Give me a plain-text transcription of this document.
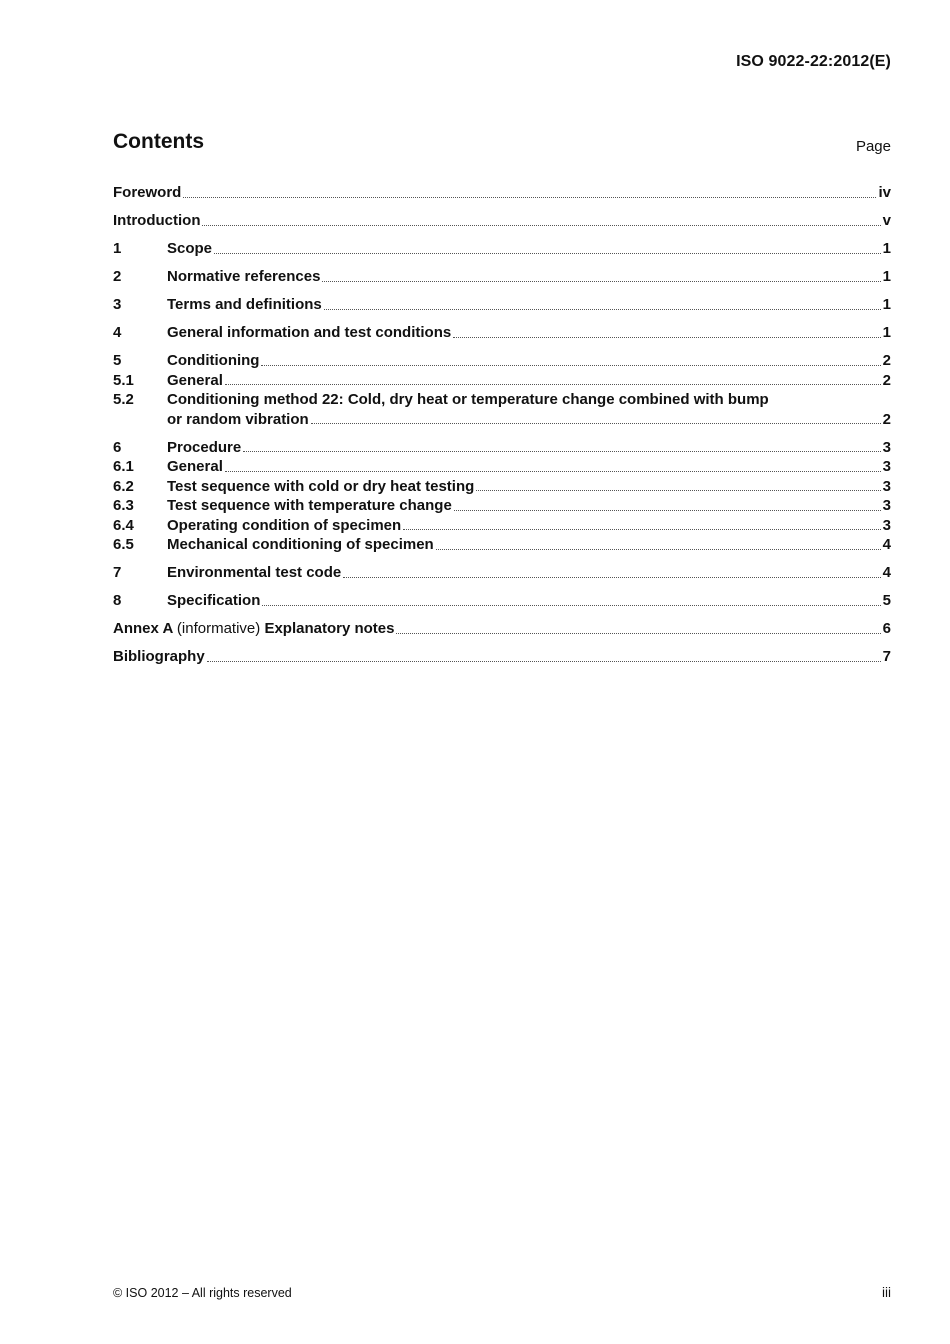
ISO 9022-22:2012(E)
Contents	Page
Foreword	iv
Introduction	v
1	Scope	1
2	Normative references	1
3	Terms and definitions	1
4	General information and test conditions	1
5	Conditioning	2
5.1	General	2
5.2	Conditioning method 22: Cold, dry heat or temperature change combined with bump
or random vibration	2
6	Procedure	3
6.1	General	3
6.2	Test sequence with cold or dry heat testing	3
6.3	Test sequence with temperature change	3
6.4	Operating condition of specimen	3
6.5	Mechanical conditioning of specimen	4
7	Environmental test code	4
8	Specification	5
Annex A (informative) Explanatory notes	6
Bibliography	7
© ISO 2012 – All rights reserved	iii
